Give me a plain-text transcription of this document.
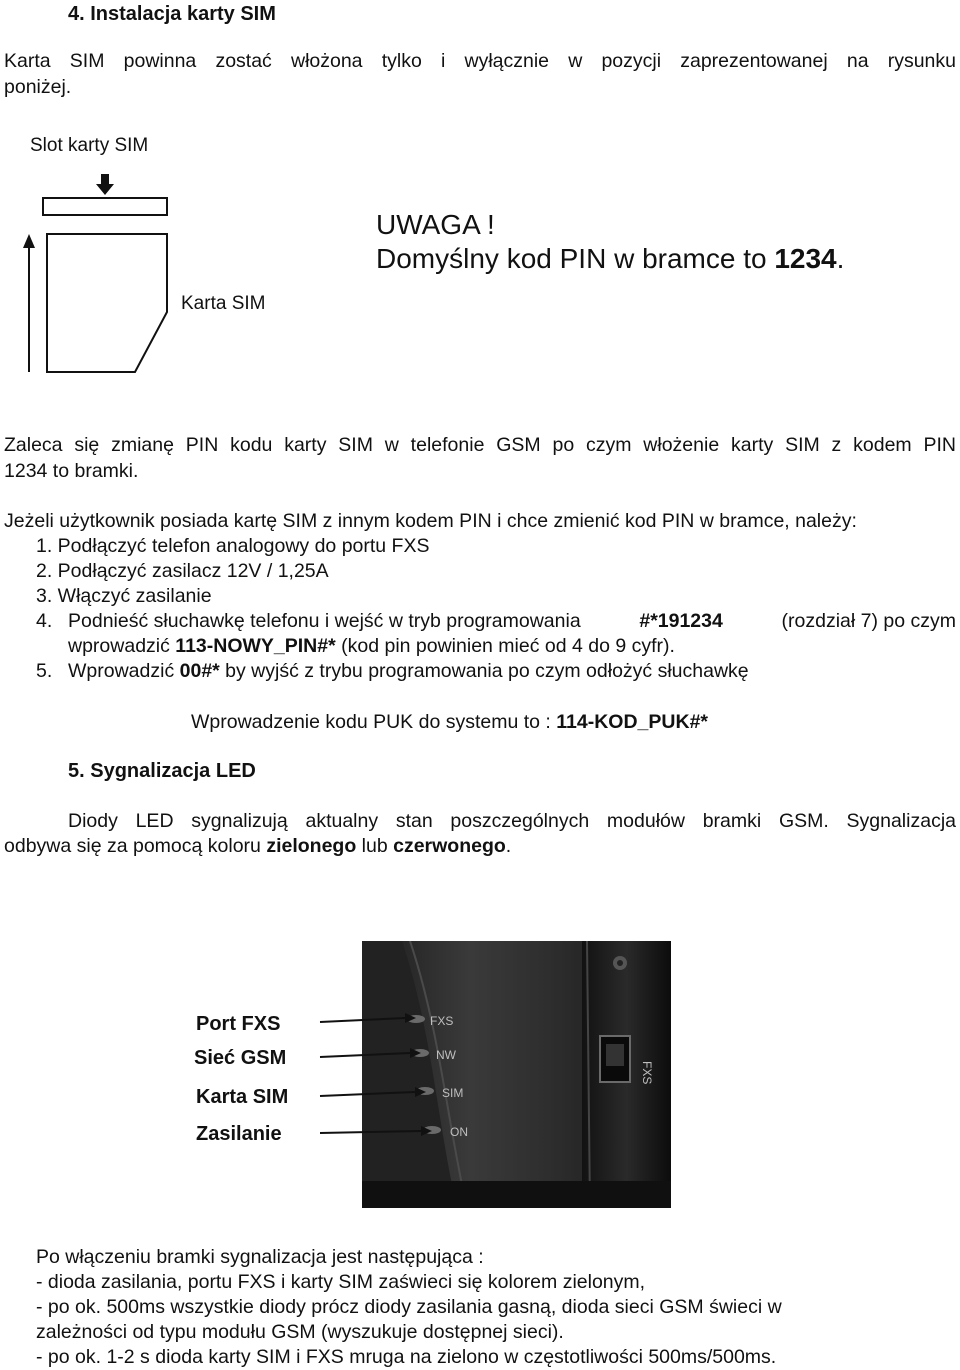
4. Instalacja karty SIM
Karta SIM powinna zostać włożona tylko i wyłącznie w pozycji zaprezentowanej na rysunku
poniżej.
Slot karty SIM
Karta SIM
UWAGA !
Domyślny kod PIN w bramce to 1234.
Zaleca się zmianę PIN kodu karty SIM w telefonie GSM po czym włożenie karty SIM z kodem PIN
1234 to bramki.
Jeżeli użytkownik posiada kartę SIM z innym kodem PIN i chce zmienić kod PIN w bramce, należy:
1. Podłączyć telefon analogowy do portu FXS
2. Podłączyć zasilacz 12V / 1,25A
3. Włączyć zasilanie
4. Podnieść słuchawkę telefonu i wejść w tryb programowania	#*191234	(rozdział 7) po czym
wprowadzić 113-NOWY_PIN#* (kod pin powinien mieć od 4 do 9 cyfr).
5. Wprowadzić 00#* by wyjść z trybu programowania po czym odłożyć słuchawkę
Wprowadzenie kodu PUK do systemu to : 114-KOD_PUK#*
5. Sygnalizacja LED
Diody LED sygnalizują aktualny stan poszczególnych modułów bramki GSM. Sygnalizacja
odbywa się za pomocą koloru zielonego lub czerwonego.
FXS
NW
SIM
ON
FXS
Port FXS
Sieć GSM
Karta SIM
Zasilanie
Po włączeniu bramki sygnalizacja jest następująca :
- dioda zasilania, portu FXS i karty SIM zaświeci się kolorem zielonym,
- po ok. 500ms wszystkie diody prócz diody zasilania gasną, dioda sieci GSM świeci w
zależności od typu modułu GSM (wyszukuje dostępnej sieci).
- po ok. 1-2 s dioda karty SIM i FXS mruga na zielono w częstotliwości 500ms/500ms.
